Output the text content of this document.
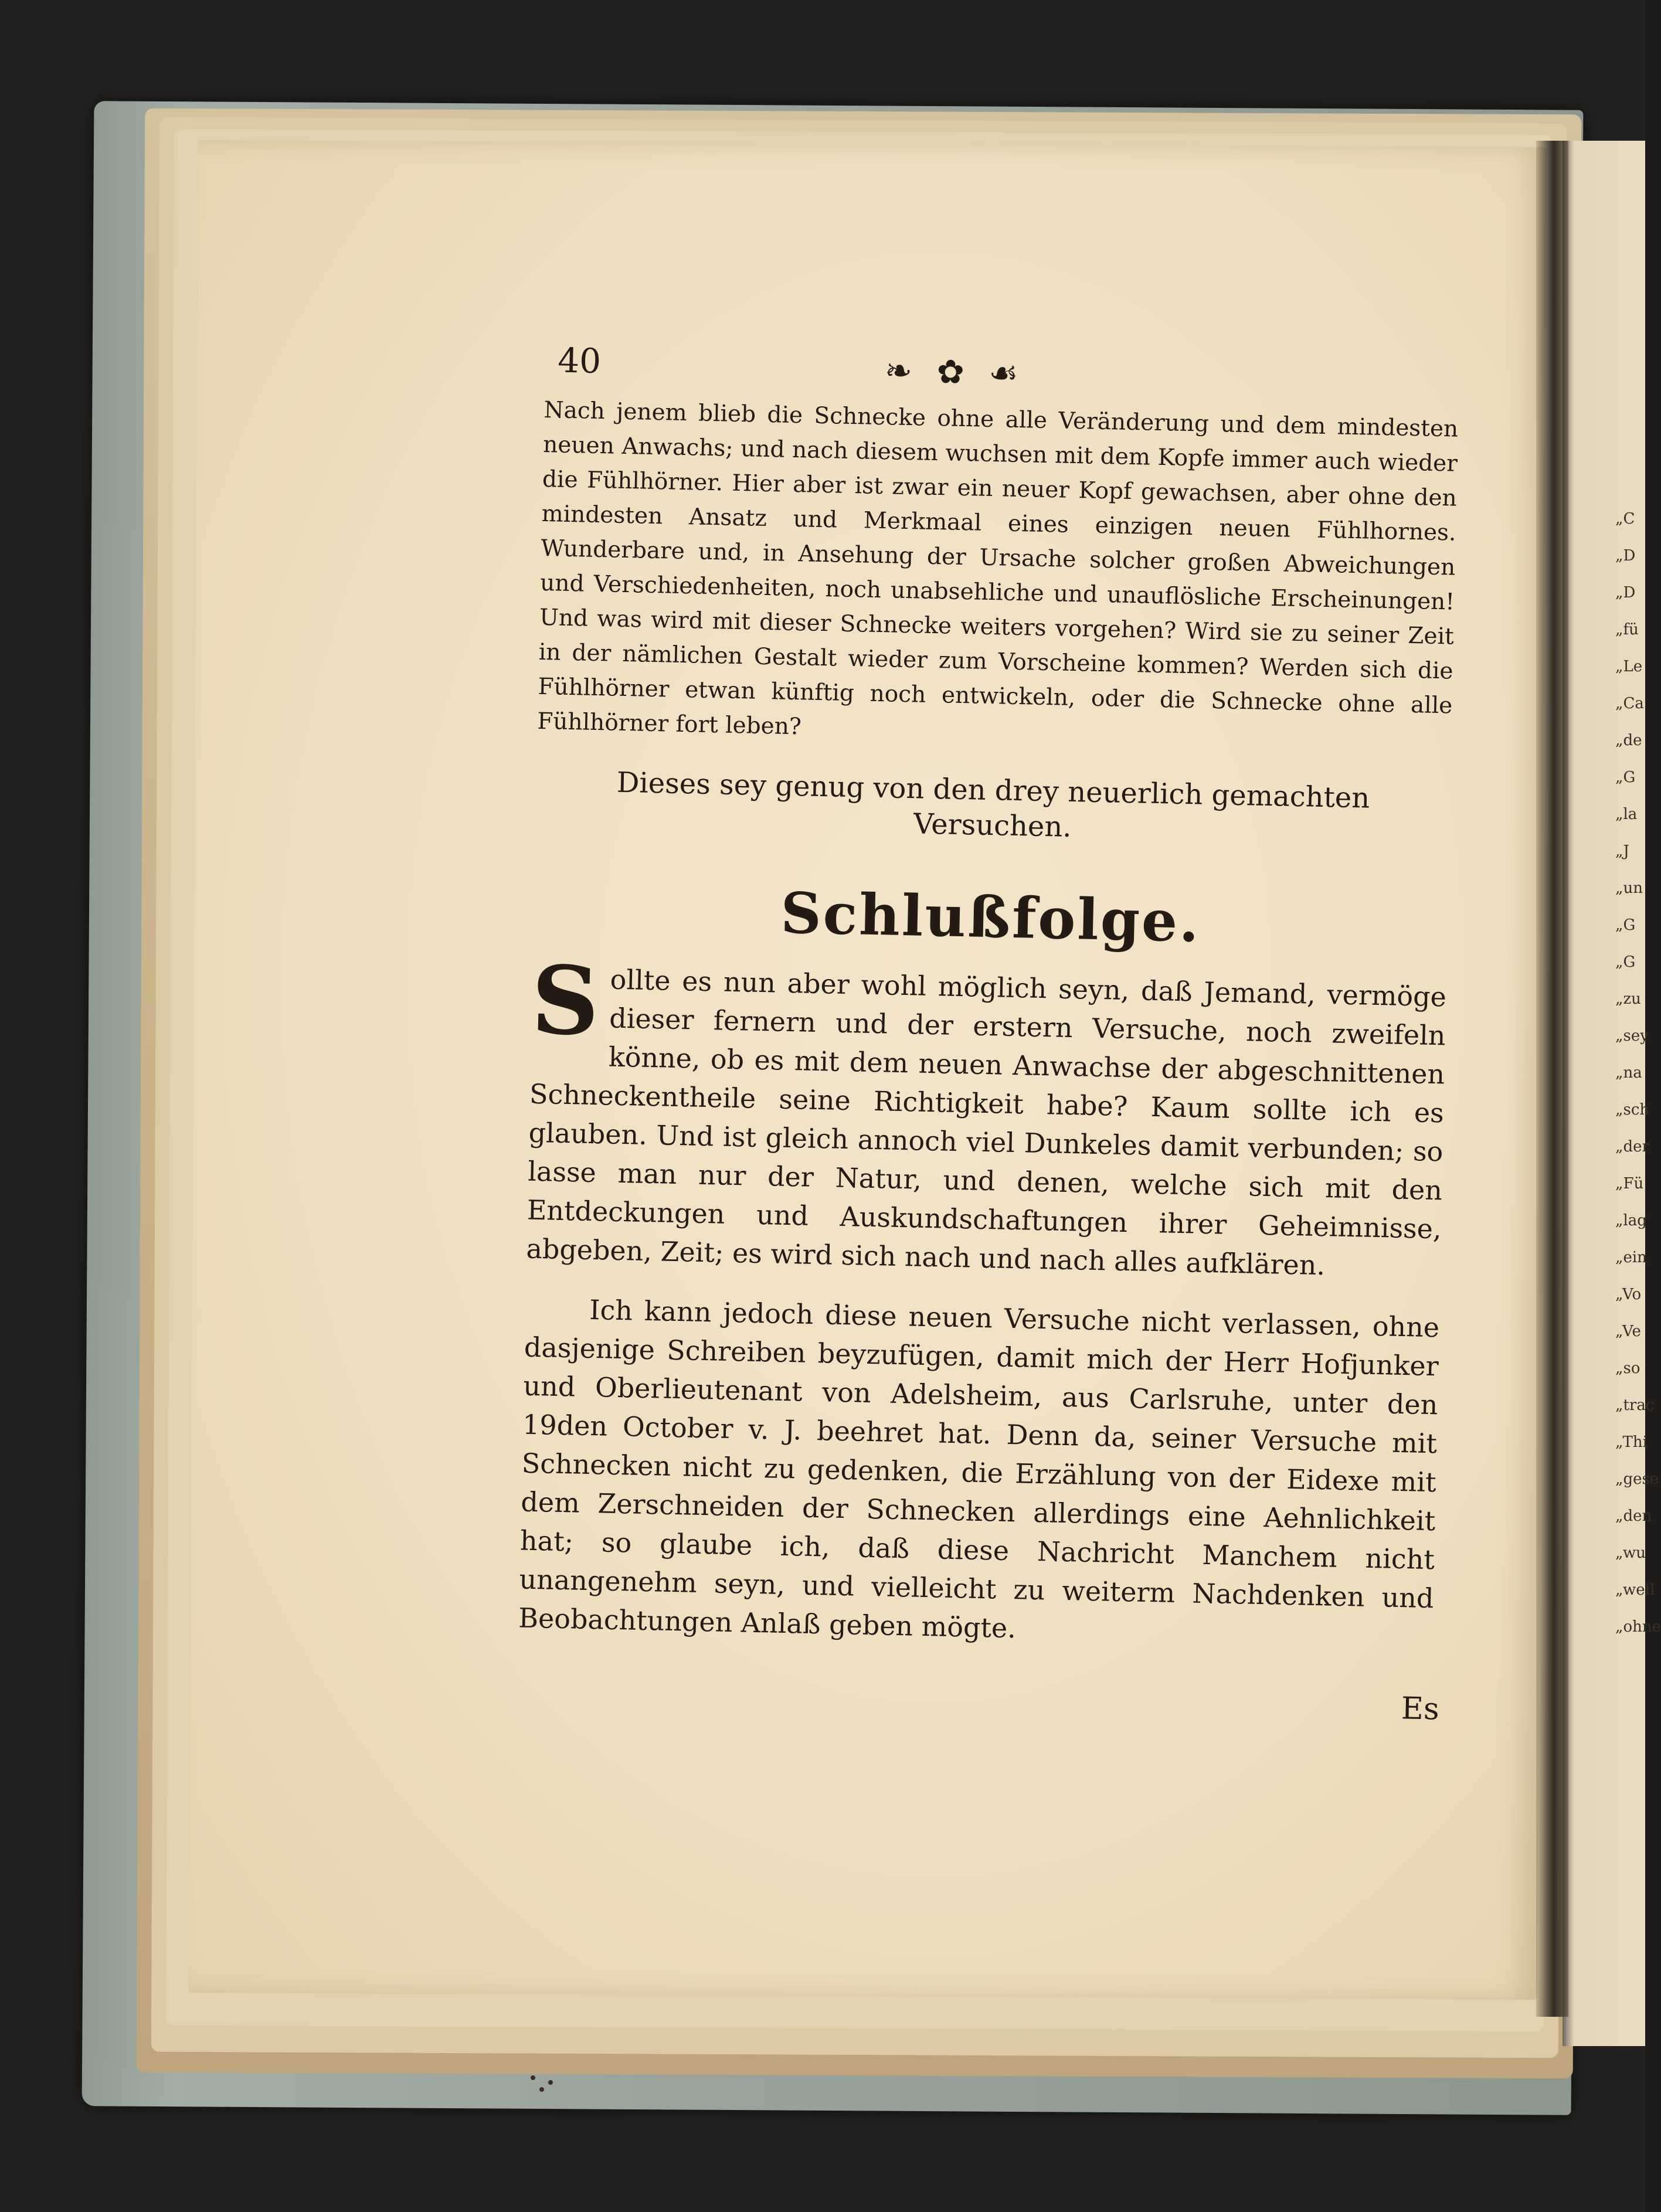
„C
„D
„D
„fü
„Le
„Ca
„de
„G
„la
„J
„un
„G
„G
„zu
„sey
„na
„sch
„der
„Fü
„lag
„ein
„Vo
„Ve
„so
„trac
„Thi
„gese
„den
„wu
„weil
„ohne
40	❧ ✿ ☙

Nach jenem blieb die Schnecke ohne alle Veränderung und dem mindesten neuen Anwachs; und nach diesem wuchsen mit dem Kopfe immer auch wieder die Fühlhörner. Hier aber ist zwar ein neuer Kopf gewachsen, aber ohne den mindesten Ansatz und Merkmaal eines einzigen neuen Fühlhornes. Wunderbare und, in Ansehung der Ursache solcher großen Abweichungen und Verschiedenheiten, noch unabsehliche und unauflösliche Erscheinungen! Und was wird mit dieser Schnecke weiters vorgehen? Wird sie zu seiner Zeit in der nämlichen Gestalt wieder zum Vorscheine kommen? Werden sich die Fühlhörner etwan künftig noch entwickeln, oder die Schnecke ohne alle Fühlhörner fort leben?

Dieses sey genug von den drey neuerlich gemachten Versuchen.

Schlußfolge.

Sollte es nun aber wohl möglich seyn, daß Jemand, vermöge dieser fernern und der erstern Versuche, noch zweifeln könne, ob es mit dem neuen Anwachse der abgeschnittenen Schneckentheile seine Richtigkeit habe? Kaum sollte ich es glauben. Und ist gleich annoch viel Dunkeles damit verbunden; so lasse man nur der Natur, und denen, welche sich mit den Entdeckungen und Auskundschaftungen ihrer Geheimnisse, abgeben, Zeit; es wird sich nach und nach alles aufklären.

Ich kann jedoch diese neuen Versuche nicht verlassen, ohne dasjenige Schreiben beyzufügen, damit mich der Herr Hofjunker und Oberlieutenant von Adelsheim, aus Carlsruhe, unter den 19den October v. J. beehret hat. Denn da, seiner Versuche mit Schnecken nicht zu gedenken, die Erzählung von der Eidexe mit dem Zerschneiden der Schnecken allerdings eine Aehnlichkeit hat; so glaube ich, daß diese Nachricht Manchem nicht unangenehm seyn, und vielleicht zu weiterm Nachdenken und Beobachtungen Anlaß geben mögte.

Es
